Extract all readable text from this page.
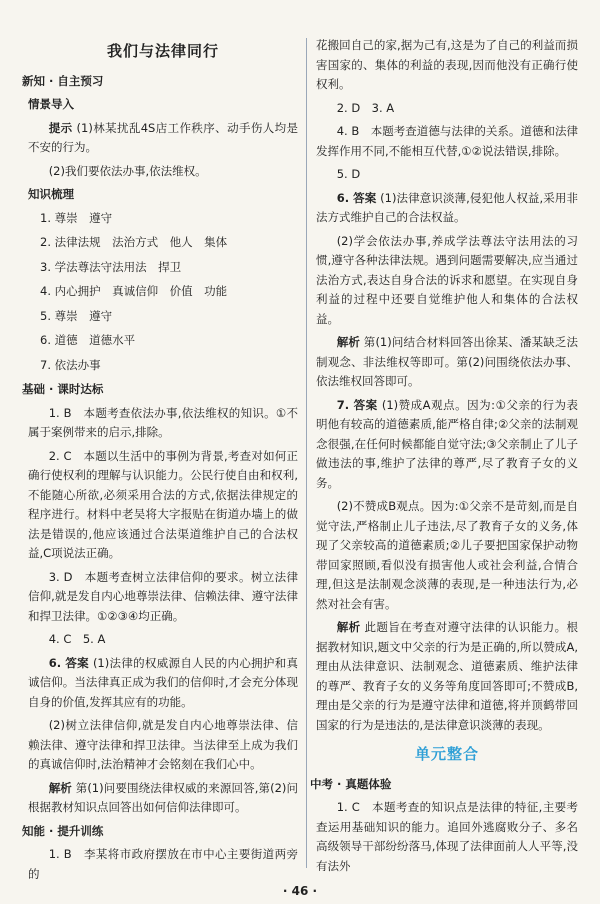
我们与法律同行
新知 · 自主预习
情景导入

提示 (1)林某扰乱4S店工作秩序、动手伤人均是不安的行为。

(2)我们要依法办事,依法维权。

知识梳理

1. 尊崇　遵守

2. 法律法规　法治方式　他人　集体

3. 学法尊法守法用法　捍卫

4. 内心拥护　真诚信仰　价值　功能

5. 尊崇　遵守

6. 道德　道德水平

7. 依法办事

基础 · 课时达标

1. B　本题考查依法办事,依法维权的知识。①不属于案例带来的启示,排除。

2. C　本题以生活中的事例为背景,考查对如何正确行使权利的理解与认识能力。公民行使自由和权利,不能随心所欲,必须采用合法的方式,依据法律规定的程序进行。材料中老吴将大字报贴在街道办墙上的做法是错误的,他应该通过合法渠道维护自己的合法权益,C项说法正确。

3. D　本题考查树立法律信仰的要求。树立法律信仰,就是发自内心地尊崇法律、信赖法律、遵守法律和捍卫法律。①②③④均正确。

4. C　5. A

6. 答案 (1)法律的权威源自人民的内心拥护和真诚信仰。当法律真正成为我们的信仰时,才会充分体现自身的价值,发挥其应有的功能。

(2)树立法律信仰,就是发自内心地尊崇法律、信赖法律、遵守法律和捍卫法律。当法律至上成为我们的真诚信仰时,法治精神才会铭刻在我们心中。

解析 第(1)问要围绕法律权威的来源回答,第(2)问根据教材知识点回答出如何信仰法律即可。

知能 · 提升训练

1. B　李某将市政府摆放在市中心主要街道两旁的

花搬回自己的家,据为己有,这是为了自己的利益而损害国家的、集体的利益的表现,因而他没有正确行使权利。

2. D　3. A

4. B　本题考查道德与法律的关系。道德和法律发挥作用不同,不能相互代替,①②说法错误,排除。

5. D

6. 答案 (1)法律意识淡薄,侵犯他人权益,采用非法方式维护自己的合法权益。

(2)学会依法办事,养成学法尊法守法用法的习惯,遵守各种法律法规。遇到问题需要解决,应当通过法治方式,表达自身合法的诉求和愿望。在实现自身利益的过程中还要自觉维护他人和集体的合法权益。

解析 第(1)问结合材料回答出徐某、潘某缺乏法制观念、非法维权等即可。第(2)问围绕依法办事、依法维权回答即可。

7. 答案 (1)赞成A观点。因为:①父亲的行为表明他有较高的道德素质,能严格自律;②父亲的法制观念很强,在任何时候都能自觉守法;③父亲制止了儿子做违法的事,维护了法律的尊严,尽了教育子女的义务。

(2)不赞成B观点。因为:①父亲不是苛刻,而是自觉守法,严格制止儿子违法,尽了教育子女的义务,体现了父亲较高的道德素质;②儿子要把国家保护动物带回家照顾,看似没有损害他人或社会利益,合情合理,但这是法制观念淡薄的表现,是一种违法行为,必然对社会有害。

解析 此题旨在考查对遵守法律的认识能力。根据教材知识,题文中父亲的行为是正确的,所以赞成A,理由从法律意识、法制观念、道德素质、维护法律的尊严、教育子女的义务等角度回答即可;不赞成B,理由是父亲的行为是遵守法律和道德,将并顶鹤带回国家的行为是违法的,是法律意识淡薄的表现。

单元整合
中考 · 真题体验

1. C　本题考查的知识点是法律的特征,主要考查运用基础知识的能力。追回外逃腐败分子、多名高级领导干部纷纷落马,体现了法律面前人人平等,没有法外

· 46 ·
